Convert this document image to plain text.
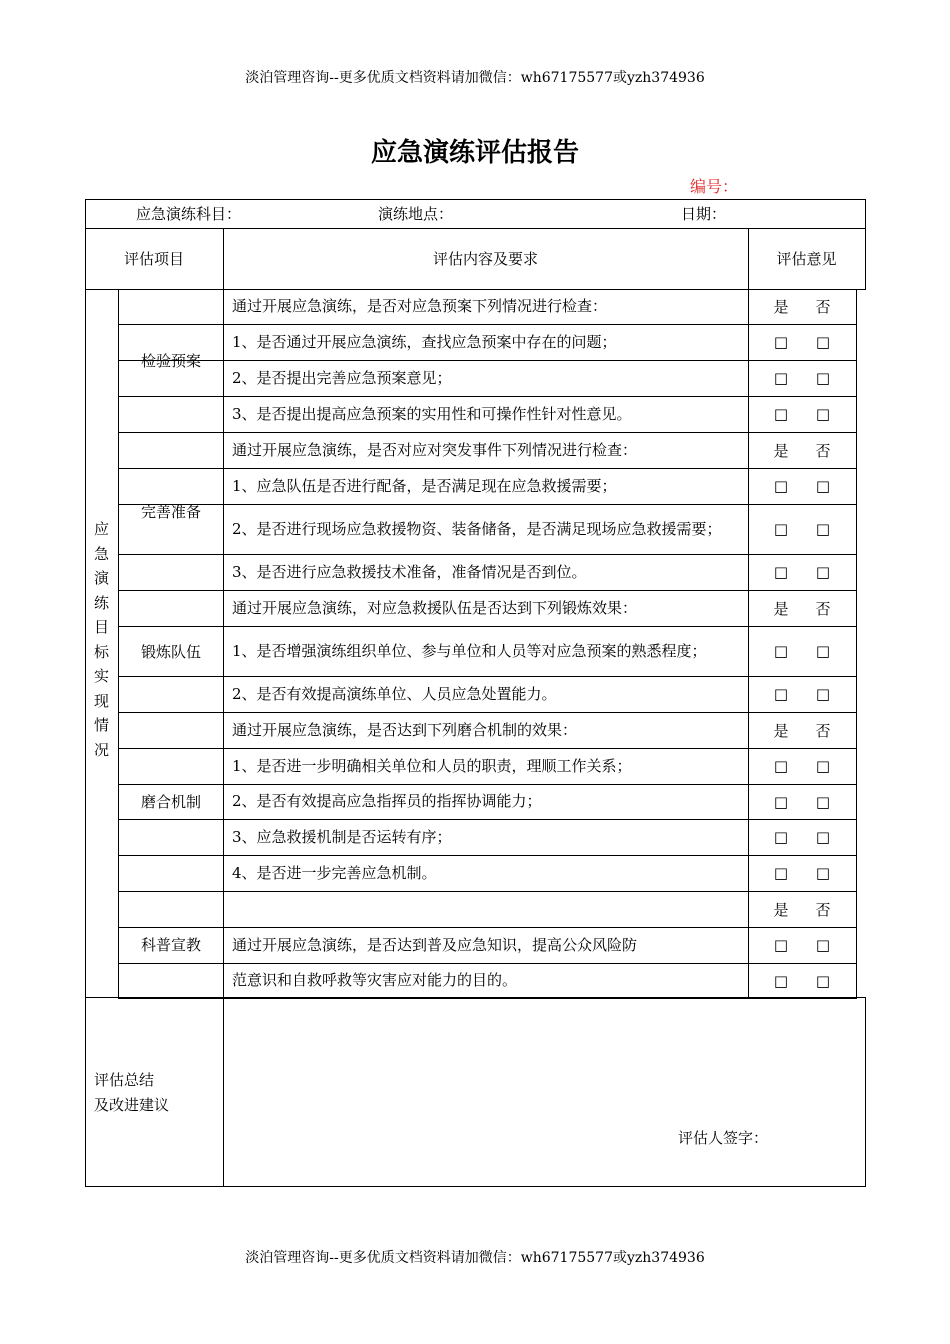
淡泊管理咨询--更多优质文档资料请加微信：wh67175577或yzh374936
应急演练评估报告
编号：
应急演练科目：	演练地点：	日期：
评估项目	评估内容及要求	评估意见
检验预案
通过开展应急演练，是否对应急预案下列情况进行检查：	是 否
1、是否通过开展应急演练，查找应急预案中存在的问题；	□ □
2、是否提出完善应急预案意见；	□ □
3、是否提出提高应急预案的实用性和可操作性针对性意见。	□ □
完善准备
通过开展应急演练，是否对应对突发事件下列情况进行检查：	是 否
1、应急队伍是否进行配备，是否满足现在应急救援需要；	□ □
2、是否进行现场应急救援物资、装备储备，是否满足现场应急救援需要；	□ □
3、是否进行应急救援技术准备，准备情况是否到位。	□ □
锻炼队伍
通过开展应急演练，对应急救援队伍是否达到下列锻炼效果：	是 否
1、是否增强演练组织单位、参与单位和人员等对应急预案的熟悉程度；	□ □
2、是否有效提高演练单位、人员应急处置能力。	□ □
磨合机制
通过开展应急演练，是否达到下列磨合机制的效果：	是 否
1、是否进一步明确相关单位和人员的职责，理顺工作关系；	□ □
2、是否有效提高应急指挥员的指挥协调能力；	□ □
3、应急救援机制是否运转有序；	□ □
4、是否进一步完善应急机制。	□ □
科普宣教
是 否
通过开展应急演练，是否达到普及应急知识，提高公众风险防	□ □
范意识和自救呼救等灾害应对能力的目的。	□ □
应
急
演
练
目
标
实
现
情
况
评估总结
及改进建议
评估人签字：
淡泊管理咨询--更多优质文档资料请加微信：wh67175577或yzh374936
